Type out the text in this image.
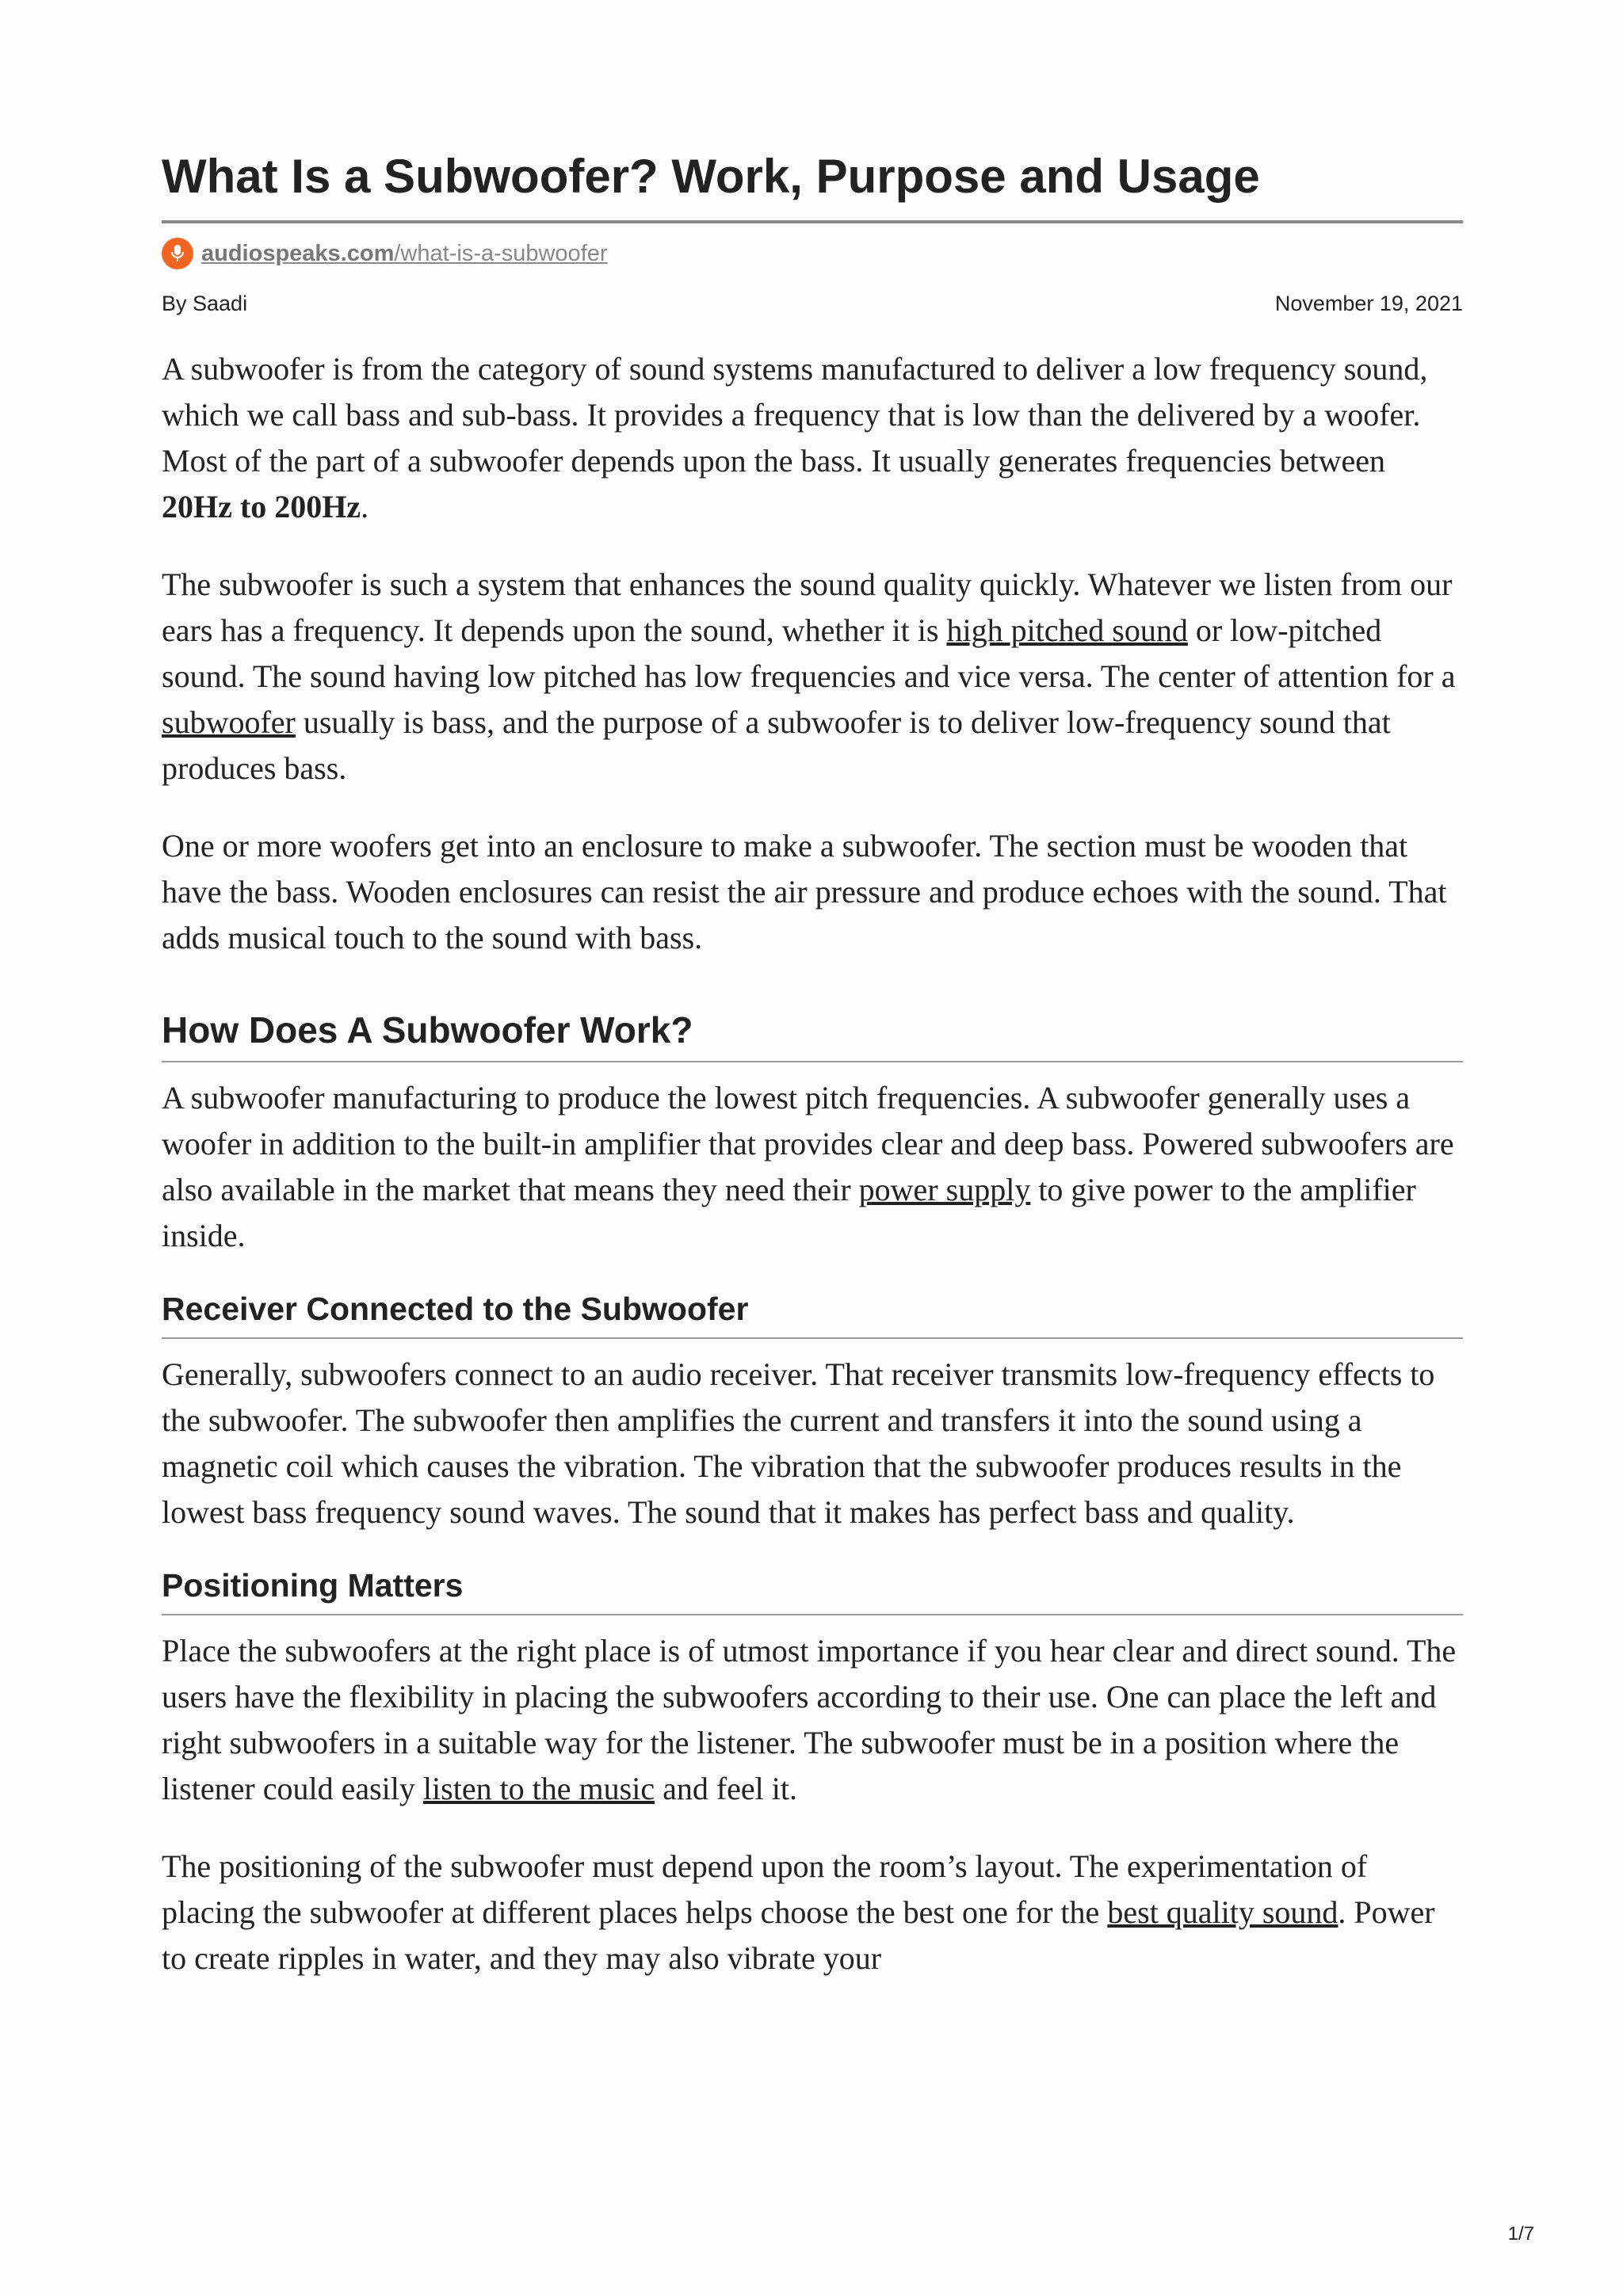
What Is a Subwoofer? Work, Purpose and Usage
audiospeaks.com/what-is-a-subwoofer
By Saadi	November 19, 2021

A subwoofer is from the category of sound systems manufactured to deliver a low frequency sound, which we call bass and sub-bass. It provides a frequency that is low than the delivered by a woofer. Most of the part of a subwoofer depends upon the bass. It usually generates frequencies between 20Hz to 200Hz.

The subwoofer is such a system that enhances the sound quality quickly. Whatever we listen from our ears has a frequency. It depends upon the sound, whether it is high pitched sound or low-pitched sound. The sound having low pitched has low frequencies and vice versa. The center of attention for a subwoofer usually is bass, and the purpose of a subwoofer is to deliver low-frequency sound that produces bass.

One or more woofers get into an enclosure to make a subwoofer. The section must be wooden that have the bass. Wooden enclosures can resist the air pressure and produce echoes with the sound. That adds musical touch to the sound with bass.

How Does A Subwoofer Work?

A subwoofer manufacturing to produce the lowest pitch frequencies. A subwoofer generally uses a woofer in addition to the built-in amplifier that provides clear and deep bass. Powered subwoofers are also available in the market that means they need their power supply to give power to the amplifier inside.

Receiver Connected to the Subwoofer

Generally, subwoofers connect to an audio receiver. That receiver transmits low-frequency effects to the subwoofer. The subwoofer then amplifies the current and transfers it into the sound using a magnetic coil which causes the vibration. The vibration that the subwoofer produces results in the lowest bass frequency sound waves. The sound that it makes has perfect bass and quality.

Positioning Matters

Place the subwoofers at the right place is of utmost importance if you hear clear and direct sound. The users have the flexibility in placing the subwoofers according to their use. One can place the left and right subwoofers in a suitable way for the listener. The subwoofer must be in a position where the listener could easily listen to the music and feel it.

The positioning of the subwoofer must depend upon the room’s layout. The experimentation of placing the subwoofer at different places helps choose the best one for the best quality sound. Power to create ripples in water, and they may also vibrate your

1/7
